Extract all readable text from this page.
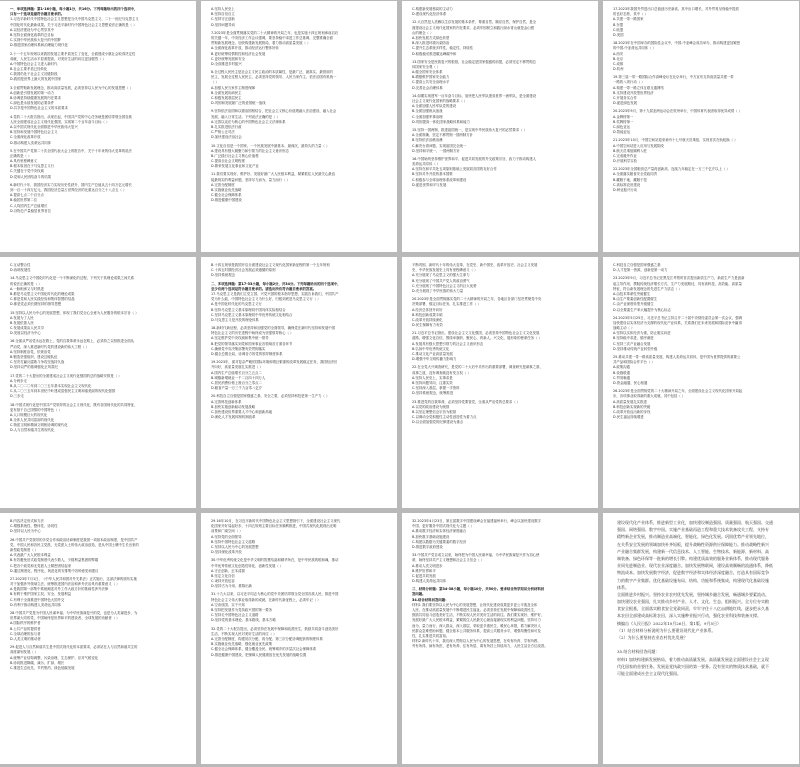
一、单项选择题：第1-16小题，每小题1分，共16分。下列每题给出的四个选项中，
只有一个选项是最符合题目要求的。
1.习近平新时代中国特色社会主义思想是当代中国马克思主义、二十一世纪马克思主义
中国化时代化最新成果。关于习近平新时代中国特色社会主义思想说法正确的是（ ）
A.以经济建设为中心贯穿其中
B.坚持全面深化改革的总目标
C.实现中华民族伟大复兴的中国梦
D.推进国家治理体系和治理能力现代化
2.十一个五年规划以来我国发展主要矛盾发生了变化，全面建成小康社会取得决定性
成就，人民生活水平显著提高，对美好生活的向往更加强烈（ ）
A.中国特色社会主义进入新时代
B.社会主要矛盾已经转化
C.我国仍处于社会主义初级阶段
D.我国是世界上最大的发展中国家
3.全面贯彻新发展理念，推动高质量发展，必须坚持以人民为中心的发展思想（ ）
A.创新是引领发展的第一动力
B.协调是持续健康发展的内在要求
C.绿色是永续发展的必要条件
D.共享是中国特色社会主义的本质要求
4.党的二十大报告指出，从现在起，中国共产党的中心任务就是团结带领全国各族
人民全面建成社会主义现代化强国，实现第二个百年奋斗目标（ ）
A.以中国式现代化全面推进中华民族伟大复兴
B.坚持和发展中国特色社会主义
C.全面深化改革开放
D.推动构建人类命运共同体
5.在中国共产党第二十次全国代表大会上的报告中，关于十年来的伟大变革的说法
正确的是（ ）
A.具有里程碑意义
B.根本原因在于马克思主义行
C.关键在于党中央权威
D.党和人民团结奋斗的结果
6.新时代十年，我国经济实力实现历史性跃升，国内生产总值从五十四万亿元增长
到一百一十四万亿元，我国经济总量占世界经济的比重达百分之十八点五（ ）
A.提高七点二个百分点
B.稳居世界第二位
C.人均国内生产总值增长
D.谷物总产量稳居世界首位
A.坚持人民至上
B.坚持自信自立
C.坚持守正创新
D.坚持问题导向
7.2023年是全面贯彻落实党的二十大精神的开局之年，也是实施十四五规划承前启后
的关键一年，中央经济工作会议强调，要坚持稳中求进工作总基调，完整准确全面
贯彻新发展理念，加快构建新发展格局，着力推动高质量发展（ ）
A.全面深化改革开放，推动经济运行整体好转
B.更好统筹疫情防控和经济社会发展
C.更好统筹发展和安全
D.全面推进乡村振兴
8.全过程人民民主是社会主义民主政治的本质属性，是最广泛、最真实、最管用的
民主，发展全过程人民民主，必须坚持党的领导、人民当家作主、依法治国有机统一
（ ）
A.加强人民当家作主制度保障
B.全面发展协商民主
C.积极发展基层民主
D.巩固和发展最广泛的爱国统一战线
9.坚持依法治国和以德治国相结合，把社会主义核心价值观融入法治建设、融入社会
发展、融入日常生活，下列说法正确的是（ ）
A.完善以宪法为核心的中国特色社会主义法律体系
B.扎实推进依法行政
C.严格公正司法
D.加快建设法治社会
10.文化自信是一个国家、一个民族发展中最基本、最深沉、最持久的力量（ ）
A.建设具有强大凝聚力和引领力的社会主义意识形态
B.广泛践行社会主义核心价值观
C.提高全社会文明程度
D.繁荣发展文化事业和文化产业
11.我们要实现好、维护好、发展好最广大人民根本利益，紧紧抓住人民最关心最直
接最现实的利益问题，坚持尽力而为、量力而行（ ）
A.完善分配制度
B.实施就业优先战略
C.健全社会保障体系
D.推进健康中国建设
C.构建新发展格局的主动力
D.建设现代化经济体系
12.大自然是人类赖以生存发展的基本条件，尊重自然、顺应自然、保护自然，是全
面建设社会主义现代化国家的内在要求，必须牢固树立和践行绿水青山就是金山银
山的理念（ ）
A.加快发展方式绿色转型
B.深入推进环境污染防治
C.提升生态系统多样性、稳定性、持续性
D.积极稳妥推进碳达峰碳中和
13.国家安全是民族复兴的根基，社会稳定是国家强盛的前提，必须坚定不移贯彻总
体国家安全观（ ）
A.健全国家安全体系
B.增强维护国家安全能力
C.提高公共安全治理水平
D.完善社会治理体系
14.如期实现建军一百年奋斗目标，加快把人民军队建成世界一流军队，是全面建设
社会主义现代化国家的战略要求（ ）
A.全面加强人民军队党的建设
B.全面加强练兵备战
C.全面加强军事治理
D.巩固提高一体化国家战略体系和能力
15.坚持一国两制，推进祖国统一，是实现中华民族伟大复兴的必然要求（ ）
A.全面准确、坚定不移贯彻一国两制方针
B.坚持依法治港治澳
C.解决台湾问题、实现祖国完全统一
D.坚持和平统一、一国两制方针
16.中国始终坚持维护世界和平、促进共同发展的外交政策宗旨，致力于推动构建人
类命运共同体（ ）
A.坚持在和平共处五项原则基础上发展同各国的友好合作
B.坚持对外开放的基本国策
C.积极参与全球治理体系改革和建设
D.促进世界和平与发展
17.2023年我国外贸进出口总值创历史新高，其中出口增长，对外贸易呈现稳中提质
的良好态势，其中（ ）
A.共建一带一路国家
B.东盟
C.欧盟
D.美国
18.2023年在中国举办的国际性会议中，中国-中亚峰会成功举办，推动构建更加紧密
的中国-中亚命运共同体（ ）
A.西安
B.北京
C.成都
D.杭州
19.第三届一带一路国际合作高峰论坛在北京举行，中方宣布支持高质量共建一带
一路的八项行动（ ）
A.构建一带一路立体互联互通网络
B.支持建设开放型世界经济
C.开展务实合作
D.促进绿色发展
20.2023年9月，第十九届亚洲运动会在杭州举行，中国体育代表团取得优异成绩（ ）
A.金牌榜第一
B.奖牌榜第一
C.绿色亚运
D.智能亚运
21.2023年10月，中国空间站迎来神舟十七号航天员乘组，实现首次在轨轮换（ ）
A.中国空间站进入应用与发展阶段
B.航天员乘组顺利入驻
C.完成舱外作业
D.开展科学实验
22.2023年全国粮食总产量再创新高，连续九年稳定在一万三千亿斤以上（ ）
A.全面落实粮食安全党政同责
B.藏粮于地、藏粮于技
C.高标准农田建设
D.种业振兴行动
C.互动整合性
D.协调发展性
14.马克思主义中国化时代化是一个不断深化的过程，下列关于其理论成果之间关系
的说法正确的是（ ）
A.一脉相承又与时俱进
B.都是马克思主义中国化时代化的理论成果
C.都是党和人民实践经验和集体智慧的结晶
D.都是党必须长期坚持的指导思想
15.坚持以人民为中心的发展思想，体现了我们党全心全意为人民服务的根本宗旨（ ）
A.发展为了人民
B.发展依靠人民
C.发展成果由人民共享
D.发展以经济为中心
16.全面从严治党永远在路上，党的自我革命永远在路上，必须持之以恒推进全面从
严治党，深入推进新时代党的建设新的伟大工程（ ）
A.坚持制度治党、依规治党
B.锻造坚强组织、建设过硬队伍
C.坚决打赢反腐败斗争攻坚战持久战
D.坚持以严的基调强化正风肃纪
17.党的二十大提出的全面建成社会主义现代化强国的总的战略安排是（ ）
A.分两步走
B.从二〇二〇年到二〇三五年基本实现社会主义现代化
C.从二〇三五年到本世纪中叶建成富强民主文明和谐美丽的现代化强国
D.三步走
18.中国式现代化是中国共产党领导的社会主义现代化，既有各国现代化的共同特征，
更有基于自己国情的中国特色（ ）
A.人口规模巨大的现代化
B.全体人民共同富裕的现代化
C.物质文明和精神文明相协调的现代化
D.人与自然和谐共生的现代化
B.十四五规划是我国开启全面建设社会主义现代化国家新征程的第一个五年规划
C.十四五时期经济社会发展必须遵循的原则
D.坚持系统观念
二、多项选择题：第17-33小题，每小题2分，共34分。下列每题给出的四个选项中，
至少有两个选项是符合题目要求的。请选出所有符合题目要求的答案。
17.马克思主义是我们立党立国、兴党兴国的根本指导思想，实践告诉我们，中国共产
党为什么能，中国特色社会主义为什么好，归根到底是马克思主义行（ ）
A.是中国化时代化的马克思主义行
B.坚持马克思主义基本原理同中国具体实际相结合
C.坚持马克思主义基本原理同中华优秀传统文化相结合
D.马克思主义是开放的理论体系
18.新时代新征程，必须坚持和加强党的全面领导，确保党在新时代坚持和发展中国
特色社会主义的历史进程中始终成为坚强领导核心（ ）
A.坚定维护党中央权威和集中统一领导
B.把党的领导落实到党和国家事业各领域各方面各环节
C.确保党中央决策部署有效贯彻落实
D.健全总揽全局、协调各方的党的领导制度体系
19.2023年，面对复杂严峻的国际环境和艰巨繁重的改革发展稳定任务，我国经济回
升向好，高质量发展扎实推进（ ）
A.国内生产总值增长百分之五点二
B.城镇新增就业一千二百四十四万人
C.居民消费价格上涨百分之零点二
D.粮食产量一万三千九百零八亿斤
20.科技自立自强是国家强盛之基、安全之要，必须坚持科技是第一生产力（ ）
A.完善科技创新体系
B.加快实施创新驱动发展战略
C.加快建设世界重要人才中心和创新高地
D.深化人才发展体制机制改革
不断巩固，新时代十年的伟大变革，在党史、新中国史、改革开放史、社会主义发展
史、中华民族发展史上具有里程碑意义（ ）
A.充分展现了马克思主义的强大生命力
B.充分展现了中国共产党人的政治勇气
C.充分展现了中国特色社会主义的巨大优势
D.充分展现了中华民族的伟大力量
20.2023年是全面贯彻落实党的二十大精神的开局之年，各地区各部门坚决贯彻党中央
决策部署，锚定目标任务，扎实推进工作（ ）
A.经济总体回升向好
B.科技创新成果丰硕
C.改革开放持续深化
D.民生保障有力有效
21.习近平总书记指出，建设社会主义文化强国，必须坚持中国特色社会主义文化发展
道路，增强文化自信，围绕举旗帜、聚民心、育新人、兴文化、展形象的使命任务（ ）
A.发展具有强大思想引领力的社会主义意识形态
B.弘扬中华优秀传统文化
C.推动文化产业高质量发展
D.增强中华文明传播力影响力
22.在全党大兴调查研究，是党的二十大后中央作出的重要部署，调查研究是谋事之基、
成事之道，没有调查就没有发言权（ ）
A.坚持人民至上，实事求是
B.坚持问题导向，注重实效
C.坚持深入基层，掌握一手资料
D.坚持系统观念，统筹推进
23.推进党的自我革命，必须坚持党要管党、全面从严治党的总要求（ ）
A.以党的政治建设为统领
B.以坚定理想信念宗旨为根基
C.以调动全党积极性主动性创造性为着力点
D.以全面加强党的纪律建设为重点
C.科技自立自强是国家强盛之基
D.人才是第一资源、创新是第一动力
23.2023年9月，习近平总书记在黑龙江考察时首次提出新质生产力，新质生产力是创新
起主导作用，摆脱传统经济增长方式、生产力发展路径，具有高科技、高效能、高质量
特征，符合新发展理念的先进生产力质态（ ）
A.由技术革命性突破催生
B.由生产要素创新性配置催生
C.由产业深度转型升级催生
D.以全要素生产率大幅提升为核心标志
24.2023年5月25日，习近平总书记主持召开二十届中央财经委员会第一次会议，强调
加快建设以实体经济为支撑的现代化产业体系，关系我们在未来发展和国际竞争中赢得
战略主动（ ）
A.坚持以实体经济为重，防止脱实向虚
B.坚持稳中求进、循序渐进
C.坚持三次产业融合发展
D.坚持推动传统产业转型升级
25.推动共建一带一路高质量发展，构建人类命运共同体，是中国为世界提供的重要公
共产品和国际合作平台（ ）
A.政策沟通
B.设施联通
C.贸易畅通
D.资金融通、民心相通
26.2023年是全面贯彻党的二十大精神开局之年，全面建设社会主义现代化国家开局起
步，各项事业取得新的重大成就，其中包括（ ）
A.高质量发展扎实推进
B.科技创新实现新的突破
C.改革开放迈出新的步伐
D.民生福祉持续增进
B.内容决定形式和方法
C.增强系统性、整体性、协同性
D.坚持以人民为中心
26.中国共产党领导的多党合作和政治协商制度是我国一项基本政治制度，是中国共产
党、中国人民和各民主党派、无党派人士的伟大政治创造，是从中国土壤中生长出来的
新型政党制度（ ）
A.代表最广大人民根本利益
B.有效避免旧式政党制度代表少数人、少数利益集团的弊端
C.把各个政党和无党派人士紧密团结起来
D.通过制度化、程序化、规范化的安排集中各种意见和建议
27.2023年7月1日，《中华人民共和国对外关系法》正式施行，这部法律的颁布实施
对于加强涉外领域立法、统筹推进国内法治和涉外法治具有重要意义（ ）
A.是我国第一部集中系统阐述对外工作大政方针的基础性涉外法律
B.有利于维护国家主权、安全、发展利益
C.有利于全面推进中国特色大国外交
D.有利于推动构建人类命运共同体
28.中国共产党是为中国人民谋幸福、为中华民族谋复兴的党，也是为人类谋进步、为
世界谋大同的党，中国始终是世界和平的建设者、全球发展的贡献者（ ）
A.国际秩序的维护者
B.公共产品的提供者
C.全球治理的参与者
D.人类文明的推动者
29.促进人与自然和谐共生是中国式现代化的本质要求，必须站在人与自然和谐共生的
高度谋划发展（ ）
A.统筹产业结构调整、污染治理、生态保护、应对气候变化
B.协同推进降碳、减污、扩绿、增长
C.推进生态优先、节约集约、绿色低碳发展
29.16年10月，在习近平新时代中国特色社会主义思想指引下，全面建设社会主义现代
化国家开好局起好步，十四五规划主要目标任务顺利推进，中国式现代化展现出光明
前景和广阔空间（ ）
A.坚持党的全面领导
B.坚持中国特色社会主义道路
C.坚持以人民为中心的发展思想
D.坚持深化改革开放
30.中华优秀传统文化是中华文明的智慧结晶和精华所在，是中华民族的根和魂，推动
中华优秀传统文化创造性转化、创新性发展（ ）
A.守正创新、正本清源
B.坚定文化自信
C.秉持开放包容
D.坚持古为今用、推陈出新
31.十九大以来，以习近平同志为核心的党中央团结带领全党全国各族人民，推进中国
特色社会主义伟大事业取得新的成就，在新时代新征程上，必须牢记（ ）
A.空谈误国、实干兴邦
B.坚持把发展作为党执政兴国的第一要务
C.坚持走中国特色社会主义道路
D.坚持党的基本理论、基本路线、基本方略
32.党的二十大报告提出，必须坚持在发展中保障和改善民生，鼓励共同奋斗创造美好
生活，不断实现人民对美好生活的向往（ ）
A.完善分配制度，构建初次分配、再分配、第三次分配协调配套的制度体系
B.实施就业优先战略，强化就业优先政策
C.健全社会保障体系，健全覆盖全民、统筹城乡的多层次社会保障体系
D.推进健康中国建设，把保障人民健康放在优先发展的战略位置
32.2023年4月23日，第五届数字中国建设峰会在福建福州举行，峰会以加快建设数字
中国、更好服务中国式现代化为主题（ ）
A.推动数字经济和实体经济深度融合
B.加快数字基础设施建设
C.构建以数据为关键要素的数字经济
D.推进数字政府建设
33.中国共产党自成立以来，始终把为中国人民谋幸福、为中华民族谋复兴作为初心使
命，始终坚持共产主义理想和社会主义信念（ ）
A.推动人类文明进步
B.维护世界和平
C.促进共同发展
D.构建人类命运共同体
三、材料分析题：第34-38小题，每小题10分，共50分。要求结合所学知识分析材料回
答问题。
34.结合材料回答问题：
材料1 我们要坚持以人民为中心的发展思想，让现代化建设成果更多更公平惠及全体
人民，在推动高质量发展中不断增进民生福祉。必须坚持在发展中保障和改善民生，
鼓励共同奋斗创造美好生活，不断实现人民对美好生活的向往。我们要实现好、维护好、
发展好最广大人民根本利益，紧紧抓住人民最关心最直接最现实的利益问题，坚持尽力
而为、量力而行，深入群众、深入基层，采取更多惠民生、暖民心举措，着力解决好人
民群众急难愁盼问题，健全基本公共服务体系，提高公共服务水平，增强均衡性和可及
性，扎实推进共同富裕。
材料2 新时代十年，我们深入贯彻以人民为中心的发展思想，在幼有所育、学有所教、
劳有所得、病有所医、老有所养、住有所居、弱有所扶上持续用力，人民生活全方位改善。
建设现代化产业体系，推进新型工业化，加快建设制造强国、质量强国、航天强国、交通
强国、网络强国、数字中国。实施产业基础再造工程和重大技术装备攻关工程，支持专
精特新企业发展，推动制造业高端化、智能化、绿色化发展。巩固优势产业领先地位，
在关系安全发展的领域加快补齐短板，提升战略性资源供应保障能力。推动战略性新兴
产业融合集群发展，构建新一代信息技术、人工智能、生物技术、新能源、新材料、高
端装备、绿色环保等一批新的增长引擎。构建优质高效的服务业新体系，推动现代服务
业同先进制造业、现代农业深度融合。加快发展物联网，建设高效顺畅的流通体系，降低
物流成本。加快发展数字经济，促进数字经济和实体经济深度融合，打造具有国际竞争
力的数字产业集群。优化基础设施布局、结构、功能和系统集成，构建现代化基础设施
体系。
全面推进乡村振兴。坚持农业农村优先发展，坚持城乡融合发展，畅通城乡要素流动。
加快建设农业强国，扎实推动乡村产业、人才、文化、生态、组织振兴。全方位夯实粮
食安全根基，全面落实粮食安全党政同责，牢牢守住十八亿亩耕地红线，逐步把永久基
本农田全部建成高标准农田，深入实施种业振兴行动，强化农业科技和装备支撑。
摘编自《人民日报》2022年10月26日，第1版、9月5日）
（1）结合材料分析说明为什么要建设现代化产业体系。
（2）为什么要坚持农业农村优先发展？
35.结合材料回答问题：
材料1 加快构建新发展格局，着力推动高质量发展。高质量发展是全面建设社会主义现
代化国家的首要任务。发展是党执政兴国的第一要务。没有坚实的物质技术基础，就不
可能全面建成社会主义现代化强国。
